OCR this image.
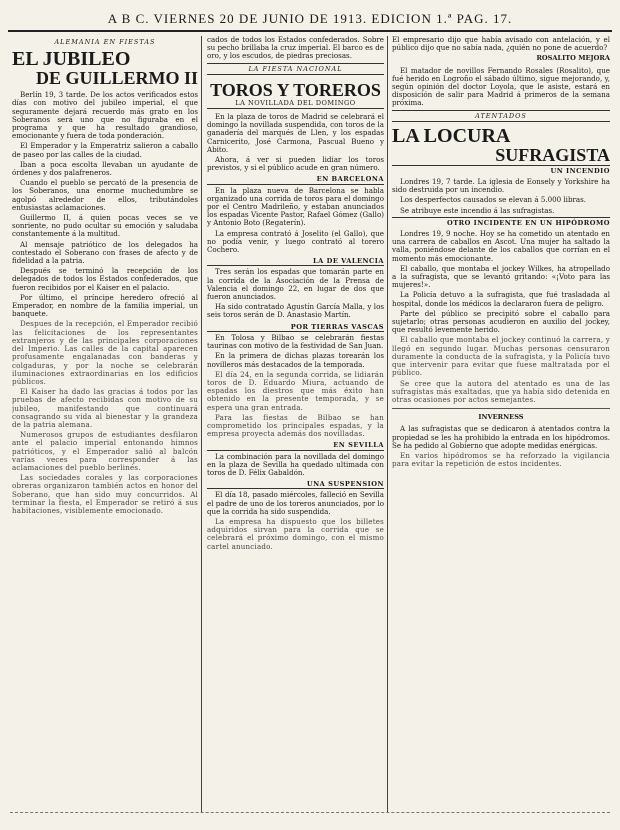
A B C. VIERNES 20 DE JUNIO DE 1913. EDICION 1.ª PAG. 17.
ALEMANIA EN FIESTAS
EL JUBILEO
DE GUILLERMO II

Berlín 19, 3 tarde. De los actos verificados estos días con motivo del jubileo imperial, el que seguramente dejará recuerdo más grato en los Soberanos será uno que no figuraba en el programa y que ha resultado grandioso, emocionante y fuera de toda ponderación.

El Emperador y la Emperatriz salieron a caballo de paseo por las calles de la ciudad.

Iban a poca escolta llevaban un ayudante de órdenes y dos palafreneros.

Cuando el pueblo se percató de la presencia de los Soberanos, una enorme muchedumbre se agolpó alrededor de ellos, tributándoles entusiastas aclamaciones.

Guillermo II, á quien pocas veces se ve sonriente, no pudo ocultar su emoción y saludaba constantemente á la multitud.

Al mensaje patriótico de los delegados ha contestado el Soberano con frases de afecto y de fidelidad a la patria.

Después se terminó la recepción de los delegados de todos los Estados confederados, que fueron recibidos por el Kaiser en el palacio.

Por último, el príncipe heredero ofreció al Emperador, en nombre de la familia imperial, un banquete.

Despues de la recepción, el Emperador recibió las felicitaciones de los representantes extranjeros y de las principales corporaciones del Imperio. Las calles de la capital aparecen profusamente engalanadas con banderas y colgaduras, y por la noche se celebrarán iluminaciones extraordinarias en los edificios públicos.

El Kaiser ha dado las gracias á todos por las pruebas de afecto recibidas con motivo de su jubileo, manifestando que continuará consagrando su vida al bienestar y la grandeza de la patria alemana.

Numerosos grupos de estudiantes desfilaron ante el palacio imperial entonando himnos patrióticos, y el Emperador salió al balcón varias veces para corresponder á las aclamaciones del pueblo berlinés.

Las sociedades corales y las corporaciones obreras organizaron también actos en honor del Soberano, que han sido muy concurridos. Al terminar la fiesta, el Emperador se retiró á sus habitaciones, visiblemente emocionado.

cados de todos los Estados confederados. Sobre su pecho brillaba la cruz imperial. El barco es de oro, y los escudos, de piedras preciosas.

LA FIESTA NACIONAL
TOROS Y TOREROS
LA NOVILLADA DEL DOMINGO

En la plaza de toros de Madrid se celebrará el domingo la novillada suspendida, con toros de la ganadería del marqués de Llen, y los espadas Carnicerito, José Carmona, Pascual Bueno y Abito.

Ahora, á ver si pueden lidiar los toros previstos, y si el público acude en gran número.

EN BARCELONA

En la plaza nueva de Barcelona se habla organizado una corrida de toros para el domingo por el Centro Madrileño, y estaban anunciados los espadas Vicente Pastor, Rafael Gómez (Gallo) y Antonio Boto (Regaterín).

La empresa contrató á Joselito (el Gallo), que no podía venir, y luego contrató al torero Cochero.

LA DE VALENCIA

Tres serán los espadas que tomarán parte en la corrida de la Asociación de la Prensa de Valencia el domingo 22, en lugar de dos que fueron anunciados.

Ha sido contratado Agustín García Malla, y los seis toros serán de D. Anastasio Martín.

POR TIERRAS VASCAS

En Tolosa y Bilbao se celebrarán fiestas taurinas con motivo de la festividad de San Juan.

En la primera de dichas plazas torearán los novilleros más destacados de la temporada.

El día 24, en la segunda corrida, se lidiarán toros de D. Eduardo Miura, actuando de espadas los diestros que más éxito han obtenido en la presente temporada, y se espera una gran entrada.

Para las fiestas de Bilbao se han comprometido los principales espadas, y la empresa proyecta además dos novilladas.

EN SEVILLA

La combinación para la novillada del domingo en la plaza de Sevilla ha quedado ultimada con toros de D. Félix Gabaldón.

UNA SUSPENSION

El día 18, pasado miércoles, falleció en Sevilla el padre de uno de los toreros anunciados, por lo que la corrida ha sido suspendida.

La empresa ha dispuesto que los billetes adquiridos sirvan para la corrida que se celebrará el próximo domingo, con el mismo cartel anunciado.

El empresario dijo que había avisado con antelación, y el público dijo que no sabía nada, ¿quién no pone de acuerdo?

ROSALITO MEJORA

El matador de novillos Fernando Rosales (Rosalito), que fué herido en Logroño el sábado último, sigue mejorando, y, según opinión del doctor Loyola, que le asiste, estará en disposición de salir para Madrid á primeros de la semana próxima.

ATENTADOS
LA LOCURA
SUFRAGISTA
UN INCENDIO

Londres 19, 7 tarde. La iglesia de Eonsely y Yorkshire ha sido destruida por un incendio.

Los desperfectos causados se elevan á 5.000 libras.

Se atribuye este incendio á las sufragistas.

OTRO INCIDENTE EN UN HIPÓDROMO

Londres 19, 9 noche. Hoy se ha cometido un atentado en una carrera de caballos en Ascot. Una mujer ha saltado la valla, poniéndose delante de los caballos que corrían en el momento más emocionante.

El caballo, que montaba el jockey Wilkes, ha atropellado a la sufragista, que se levantó gritando: «¡Voto para las mujeres!».

La Policía detuvo a la sufragista, que fué trasladada al hospital, donde los médicos la declararon fuera de peligro.

Parte del público se precipitó sobre el caballo para sujetarlo; otras personas acudieron en auxilio del jockey, que resultó levemente herido.

El caballo que montaba el jockey continuó la carrera, y llegó en segundo lugar. Muchas personas censuraron duramente la conducta de la sufragista, y la Policía tuvo que intervenir para evitar que fuese maltratada por el público.

Se cree que la autora del atentado es una de las sufragistas más exaltadas, que ya había sido detenida en otras ocasiones por actos semejantes.

INVERNESS

A las sufragistas que se dedicaron á atentados contra la propiedad se les ha prohibido la entrada en los hipódromos. Se ha pedido al Gobierno que adopte medidas enérgicas.

En varios hipódromos se ha reforzado la vigilancia para evitar la repetición de estos incidentes.
